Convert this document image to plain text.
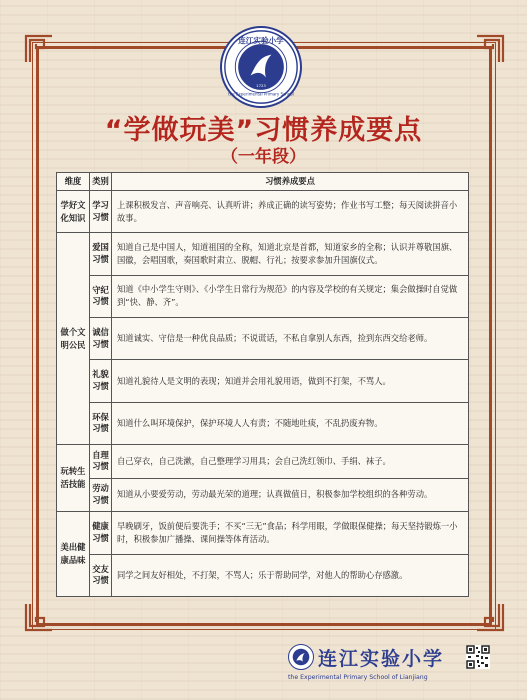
连江实验小学
the Experimental Primary School
1723
“学做玩美”习惯养成要点
（一年段）
维度	类别	习惯养成要点
学好文化知识	学习习惯	上课积极发言、声音响亮、认真听讲；养成正确的读写姿势；作业书写工整；每天阅读拼音小故事。
做个文明公民	爱国习惯	知道自己是中国人，知道祖国的全称，知道北京是首都，知道家乡的全称；认识并尊敬国旗、国徽，会唱国歌，奏国歌时肃立、脱帽、行礼；按要求参加升国旗仪式。
	守纪习惯	知道《中小学生守则》、《小学生日常行为规范》的内容及学校的有关规定；集会做操时自觉做到“快、静、齐”。
	诚信习惯	知道诚实、守信是一种优良品质；不说谎话，不私自拿别人东西，捡到东西交给老师。
	礼貌习惯	知道礼貌待人是文明的表现；知道并会用礼貌用语，做到不打架，不骂人。
	环保习惯	知道什么叫环境保护，保护环境人人有责；不随地吐痰，不乱扔废弃物。
玩转生活技能	自理习惯	自己穿衣，自己洗漱，自己整理学习用具；会自己洗红领巾、手绢、袜子。
	劳动习惯	知道从小要爱劳动，劳动最光荣的道理；认真做值日，积极参加学校组织的各种劳动。
美出健康品味	健康习惯	早晚刷牙，饭前便后要洗手；不买“三无”食品；科学用眼，学做眼保健操；每天坚持锻炼一小时，积极参加广播操、课间操等体育活动。
	交友习惯	同学之间友好相处，不打架，不骂人；乐于帮助同学，对他人的帮助心存感激。
连江实验小学
the Experimental Primary School of Lianjiang
